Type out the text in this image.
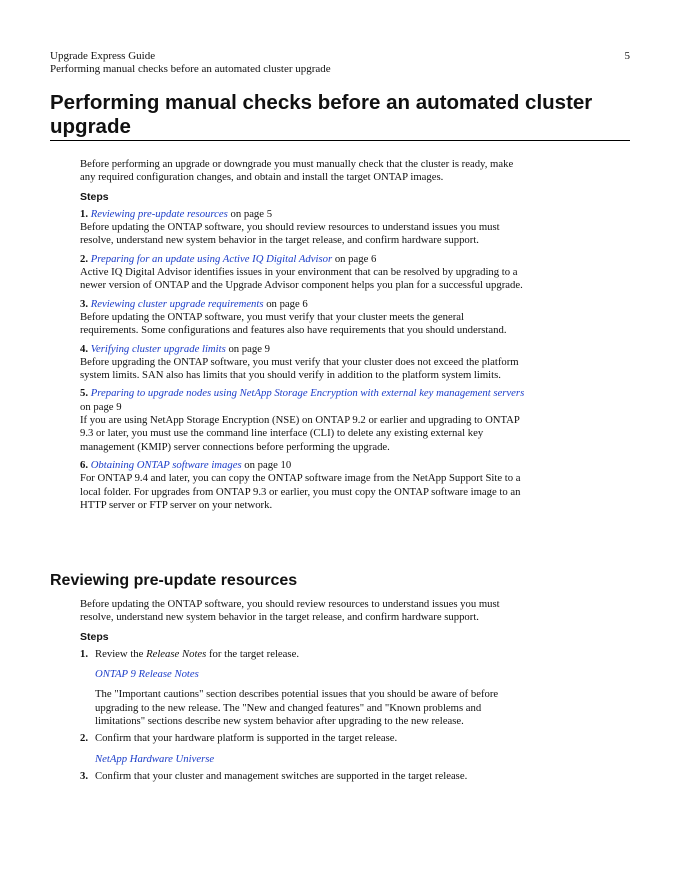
Upgrade Express Guide	5
Performing manual checks before an automated cluster upgrade
Performing manual checks before an automated cluster upgrade

Before performing an upgrade or downgrade you must manually check that the cluster is ready, make any required configuration changes, and obtain and install the target ONTAP images.

Steps
1. Reviewing pre-update resources on page 5

Before updating the ONTAP software, you should review resources to understand issues you must resolve, understand new system behavior in the target release, and confirm hardware support.

2. Preparing for an update using Active IQ Digital Advisor on page 6

Active IQ Digital Advisor identifies issues in your environment that can be resolved by upgrading to a newer version of ONTAP and the Upgrade Advisor component helps you plan for a successful upgrade.

3. Reviewing cluster upgrade requirements on page 6

Before updating the ONTAP software, you must verify that your cluster meets the general requirements. Some configurations and features also have requirements that you should understand.

4. Verifying cluster upgrade limits on page 9

Before upgrading the ONTAP software, you must verify that your cluster does not exceed the platform system limits. SAN also has limits that you should verify in addition to the platform system limits.

5. Preparing to upgrade nodes using NetApp Storage Encryption with external key management servers on page 9

If you are using NetApp Storage Encryption (NSE) on ONTAP 9.2 or earlier and upgrading to ONTAP 9.3 or later, you must use the command line interface (CLI) to delete any existing external key management (KMIP) server connections before performing the upgrade.

6. Obtaining ONTAP software images on page 10

For ONTAP 9.4 and later, you can copy the ONTAP software image from the NetApp Support Site to a local folder. For upgrades from ONTAP 9.3 or earlier, you must copy the ONTAP software image to an HTTP server or FTP server on your network.

Reviewing pre-update resources

Before updating the ONTAP software, you should review resources to understand issues you must resolve, understand new system behavior in the target release, and confirm hardware support.

Steps
1. Review the Release Notes for the target release.

ONTAP 9 Release Notes

The "Important cautions" section describes potential issues that you should be aware of before upgrading to the new release. The "New and changed features" and "Known problems and limitations" sections describe new system behavior after upgrading to the new release.

2. Confirm that your hardware platform is supported in the target release.

NetApp Hardware Universe

3. Confirm that your cluster and management switches are supported in the target release.
